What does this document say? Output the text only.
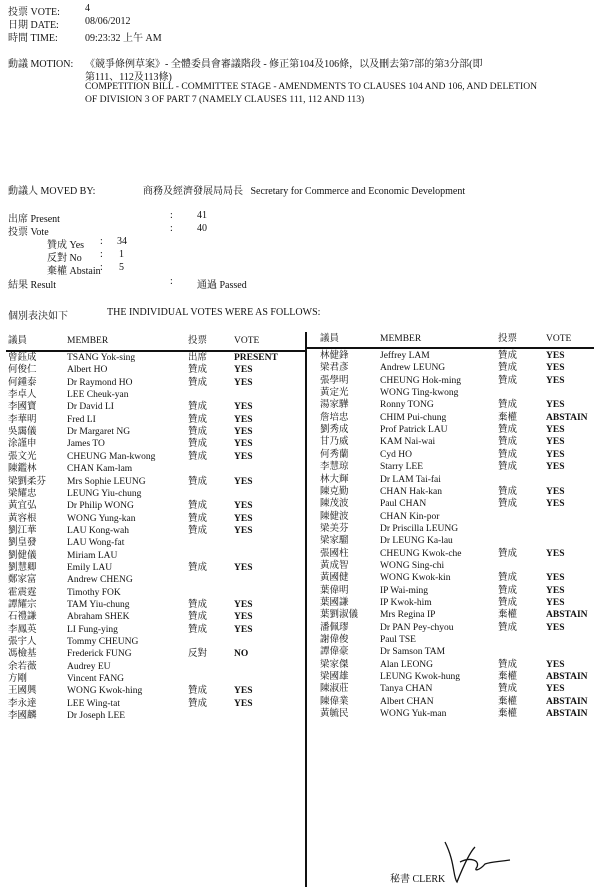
投票 VOTE:	4
日期 DATE:	08/06/2012
時間 TIME:	09:23:32 上午 AM
動議 MOTION: 《競爭條例草案》- 全體委員會審議階段 - 修正第104及106條，以及刪去第7部的第3分部(即
第111、112及113條)
COMPETITION BILL - COMMITTEE STAGE - AMENDMENTS TO CLAUSES 104 AND 106, AND DELETION
OF DIVISION 3 OF PART 7 (NAMELY CLAUSES 111, 112 AND 113)
動議人 MOVED BY:	商務及經濟發展局局長   Secretary for Commerce and Economic Development
出席 Present	: 41
投票 Vote	: 40
贊成 Yes : 34
反對 No : 1
棄權 Abstain : 5
結果 Result	: 通過 Passed
個別表決如下	THE INDIVIDUAL VOTES WERE AS FOLLOWS:
議員	MEMBER	投票	VOTE
曾鈺成	TSANG Yok-sing	出席	PRESENT
何俊仁	Albert HO	贊成	YES
何鍾泰	Dr Raymond HO	贊成	YES
李卓人	LEE Cheuk-yan
李國寶	Dr David LI	贊成	YES
李華明	Fred LI	贊成	YES
吳靄儀	Dr Margaret NG	贊成	YES
涂謹申	James TO	贊成	YES
張文光	CHEUNG Man-kwong	贊成	YES
陳鑑林	CHAN Kam-lam
梁劉柔芬 Mrs Sophie LEUNG	贊成	YES
梁耀忠	LEUNG Yiu-chung
黃宜弘	Dr Philip WONG	贊成	YES
黃容根	WONG Yung-kan	贊成	YES
劉江華	LAU Kong-wah	贊成	YES
劉皇發	LAU Wong-fat
劉健儀	Miriam LAU
劉慧卿	Emily LAU	贊成	YES
鄭家富	Andrew CHENG
霍震霆	Timothy FOK
譚耀宗	TAM Yiu-chung	贊成	YES
石禮謙	Abraham SHEK	贊成	YES
李鳳英	LI Fung-ying	贊成	YES
張宇人	Tommy CHEUNG
馮檢基	Frederick FUNG	反對	NO
余若薇	Audrey EU
方剛	Vincent FANG
王國興	WONG Kwok-hing	贊成	YES
李永達	LEE Wing-tat	贊成	YES
李國麟	Dr Joseph LEE
議員	MEMBER	投票	VOTE
林健鋒	Jeffrey LAM	贊成	YES
梁君彥	Andrew LEUNG	贊成	YES
張學明	CHEUNG Hok-ming	贊成	YES
黃定光	WONG Ting-kwong
湯家驊	Ronny TONG	贊成	YES
詹培忠	CHIM Pui-chung	棄權	ABSTAIN
劉秀成	Prof Patrick LAU	贊成	YES
甘乃威	KAM Nai-wai	贊成	YES
何秀蘭	Cyd HO	贊成	YES
李慧琼	Starry LEE	贊成	YES
林大輝	Dr LAM Tai-fai
陳克勤	CHAN Hak-kan	贊成	YES
陳茂波	Paul CHAN	贊成	YES
陳健波	CHAN Kin-por
梁美芬	Dr Priscilla LEUNG
梁家騮	Dr LEUNG Ka-lau
張國柱	CHEUNG Kwok-che	贊成	YES
黃成智	WONG Sing-chi
黃國健	WONG Kwok-kin	贊成	YES
葉偉明	IP Wai-ming	贊成	YES
葉國謙	IP Kwok-him	贊成	YES
葉劉淑儀 Mrs Regina IP	棄權	ABSTAIN
潘佩璆	Dr PAN Pey-chyou	贊成	YES
謝偉俊	Paul TSE
譚偉豪	Dr Samson TAM
梁家傑	Alan LEONG	贊成	YES
梁國雄	LEUNG Kwok-hung	棄權	ABSTAIN
陳淑莊	Tanya CHAN	贊成	YES
陳偉業	Albert CHAN	棄權	ABSTAIN
黃毓民	WONG Yuk-man	棄權	ABSTAIN
秘書 CLERK
